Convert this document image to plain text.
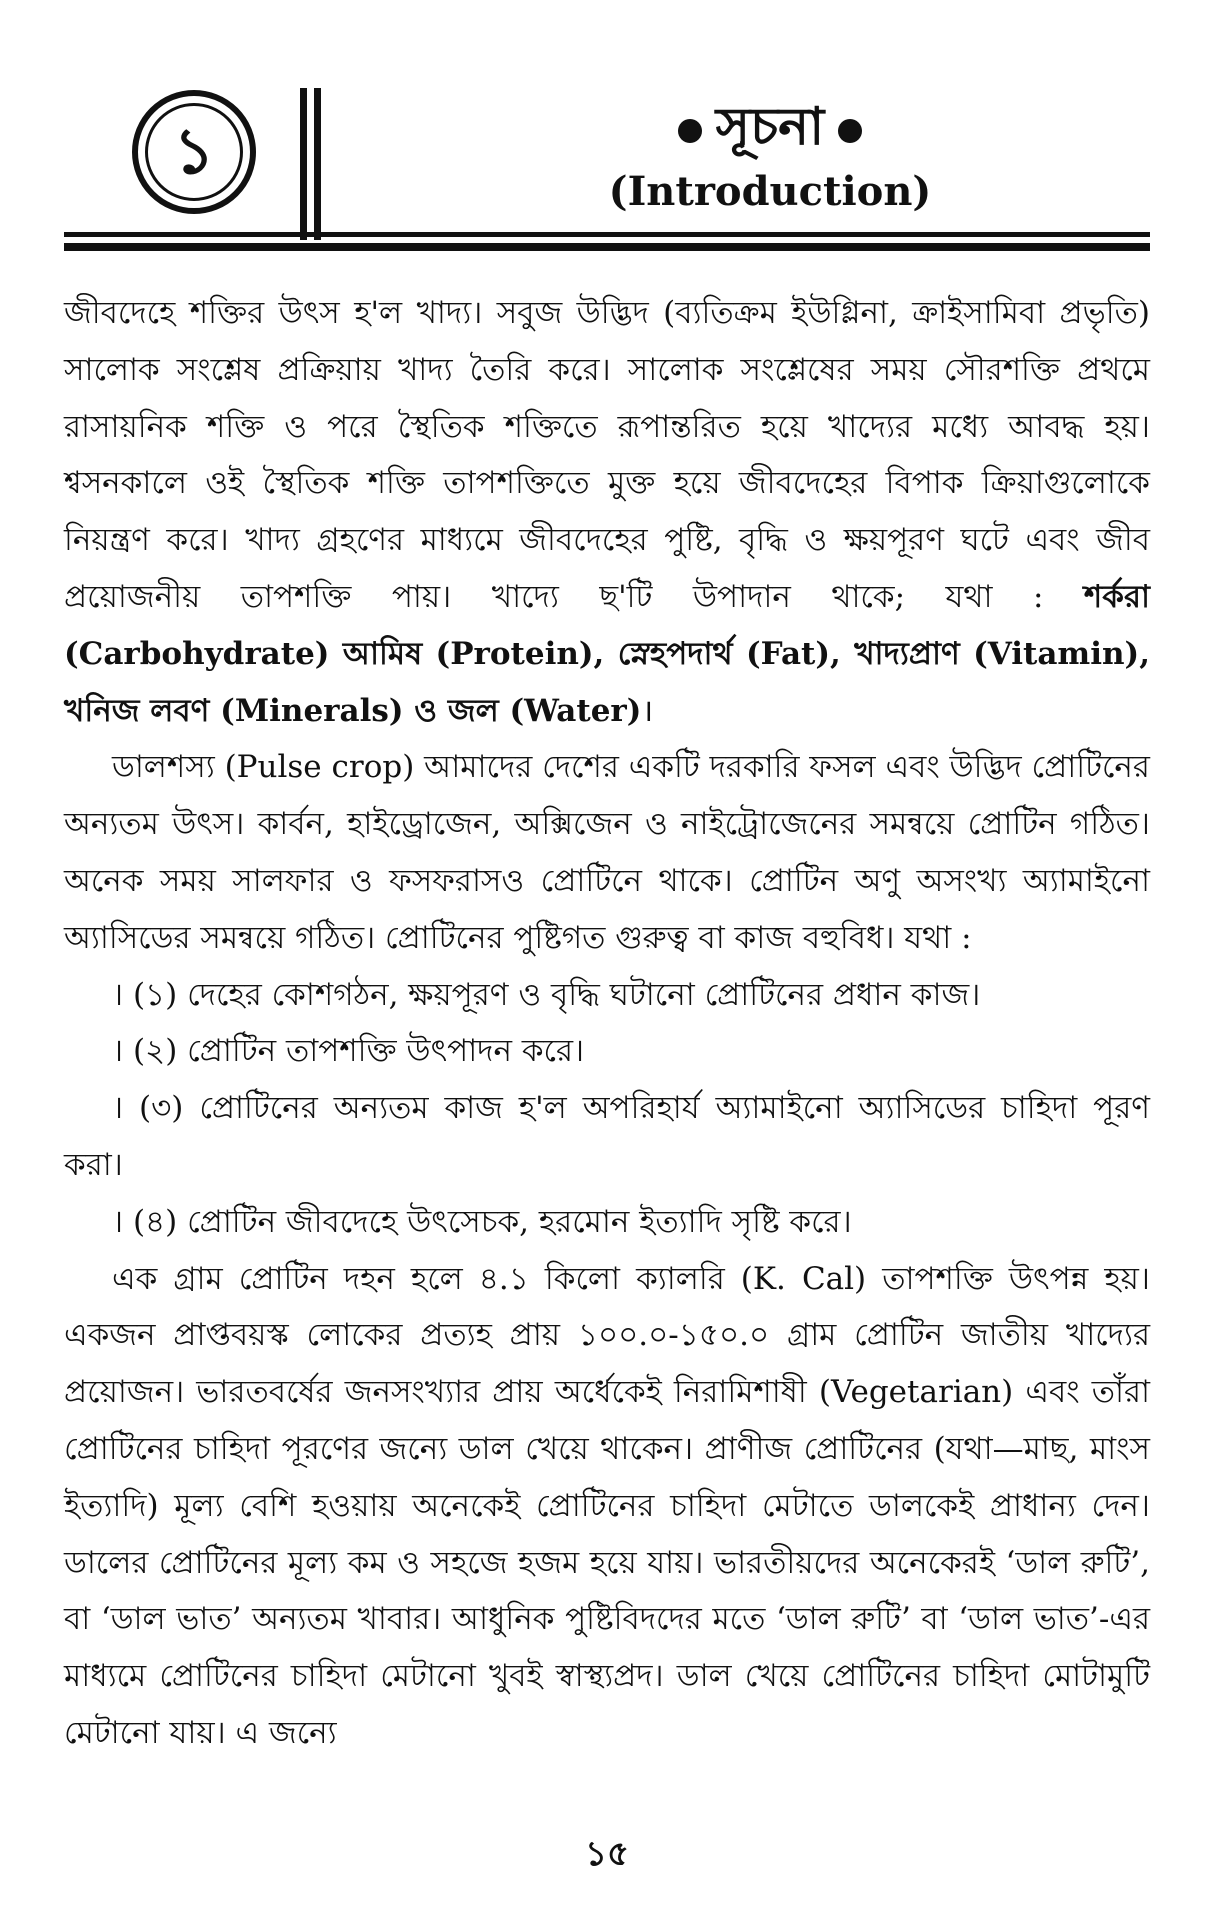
১	সূচনা
(Introduction)

জীবদেহে শক্তির উৎস হ'ল খাদ্য। সবুজ উদ্ভিদ (ব্যতিক্রম ইউগ্লিনা, ক্রাইসামিবা প্রভৃতি) সালোক সংশ্লেষ প্রক্রিয়ায় খাদ্য তৈরি করে। সালোক সংশ্লেষের সময় সৌরশক্তি প্রথমে রাসায়নিক শক্তি ও পরে স্থৈতিক শক্তিতে রূপান্তরিত হয়ে খাদ্যের মধ্যে আবদ্ধ হয়। শ্বসনকালে ওই স্থৈতিক শক্তি তাপশক্তিতে মুক্ত হয়ে জীবদেহের বিপাক ক্রিয়াগুলোকে নিয়ন্ত্রণ করে। খাদ্য গ্রহণের মাধ্যমে জীবদেহের পুষ্টি, বৃদ্ধি ও ক্ষয়পূরণ ঘটে এবং জীব প্রয়োজনীয় তাপশক্তি পায়। খাদ্যে ছ'টি উপাদান থাকে; যথা : শর্করা (Carbohydrate) আমিষ (Protein), স্নেহপদার্থ (Fat), খাদ্যপ্রাণ (Vitamin), খনিজ লবণ (Minerals) ও জল (Water)।

ডালশস্য (Pulse crop) আমাদের দেশের একটি দরকারি ফসল এবং উদ্ভিদ প্রোটিনের অন্যতম উৎস। কার্বন, হাইড্রোজেন, অক্সিজেন ও নাইট্রোজেনের সমন্বয়ে প্রোটিন গঠিত। অনেক সময় সালফার ও ফসফরাসও প্রোটিনে থাকে। প্রোটিন অণু অসংখ্য অ্যামাইনো অ্যাসিডের সমন্বয়ে গঠিত। প্রোটিনের পুষ্টিগত গুরুত্ব বা কাজ বহুবিধ। যথা :

। (১) দেহের কোশগঠন, ক্ষয়পূরণ ও বৃদ্ধি ঘটানো প্রোটিনের প্রধান কাজ।

। (২) প্রোটিন তাপশক্তি উৎপাদন করে।

। (৩) প্রোটিনের অন্যতম কাজ হ'ল অপরিহার্য অ্যামাইনো অ্যাসিডের চাহিদা পূরণ করা।

। (৪) প্রোটিন জীবদেহে উৎসেচক, হরমোন ইত্যাদি সৃষ্টি করে।

এক গ্রাম প্রোটিন দহন হলে ৪.১ কিলো ক্যালরি (K. Cal) তাপশক্তি উৎপন্ন হয়। একজন প্রাপ্তবয়স্ক লোকের প্রত্যহ প্রায় ১০০.০-১৫০.০ গ্রাম প্রোটিন জাতীয় খাদ্যের প্রয়োজন। ভারতবর্ষের জনসংখ্যার প্রায় অর্ধেকেই নিরামিশাষী (Vegetarian) এবং তাঁরা প্রোটিনের চাহিদা পূরণের জন্যে ডাল খেয়ে থাকেন। প্রাণীজ প্রোটিনের (যথা—মাছ, মাংস ইত্যাদি) মূল্য বেশি হওয়ায় অনেকেই প্রোটিনের চাহিদা মেটাতে ডালকেই প্রাধান্য দেন। ডালের প্রোটিনের মূল্য কম ও সহজে হজম হয়ে যায়। ভারতীয়দের অনেকেরই ‘ডাল রুটি’, বা ‘ডাল ভাত’ অন্যতম খাবার। আধুনিক পুষ্টিবিদদের মতে ‘ডাল রুটি’ বা ‘ডাল ভাত’-এর মাধ্যমে প্রোটিনের চাহিদা মেটানো খুবই স্বাস্থ্যপ্রদ। ডাল খেয়ে প্রোটিনের চাহিদা মোটামুটি মেটানো যায়। এ জন্যে

১৫
